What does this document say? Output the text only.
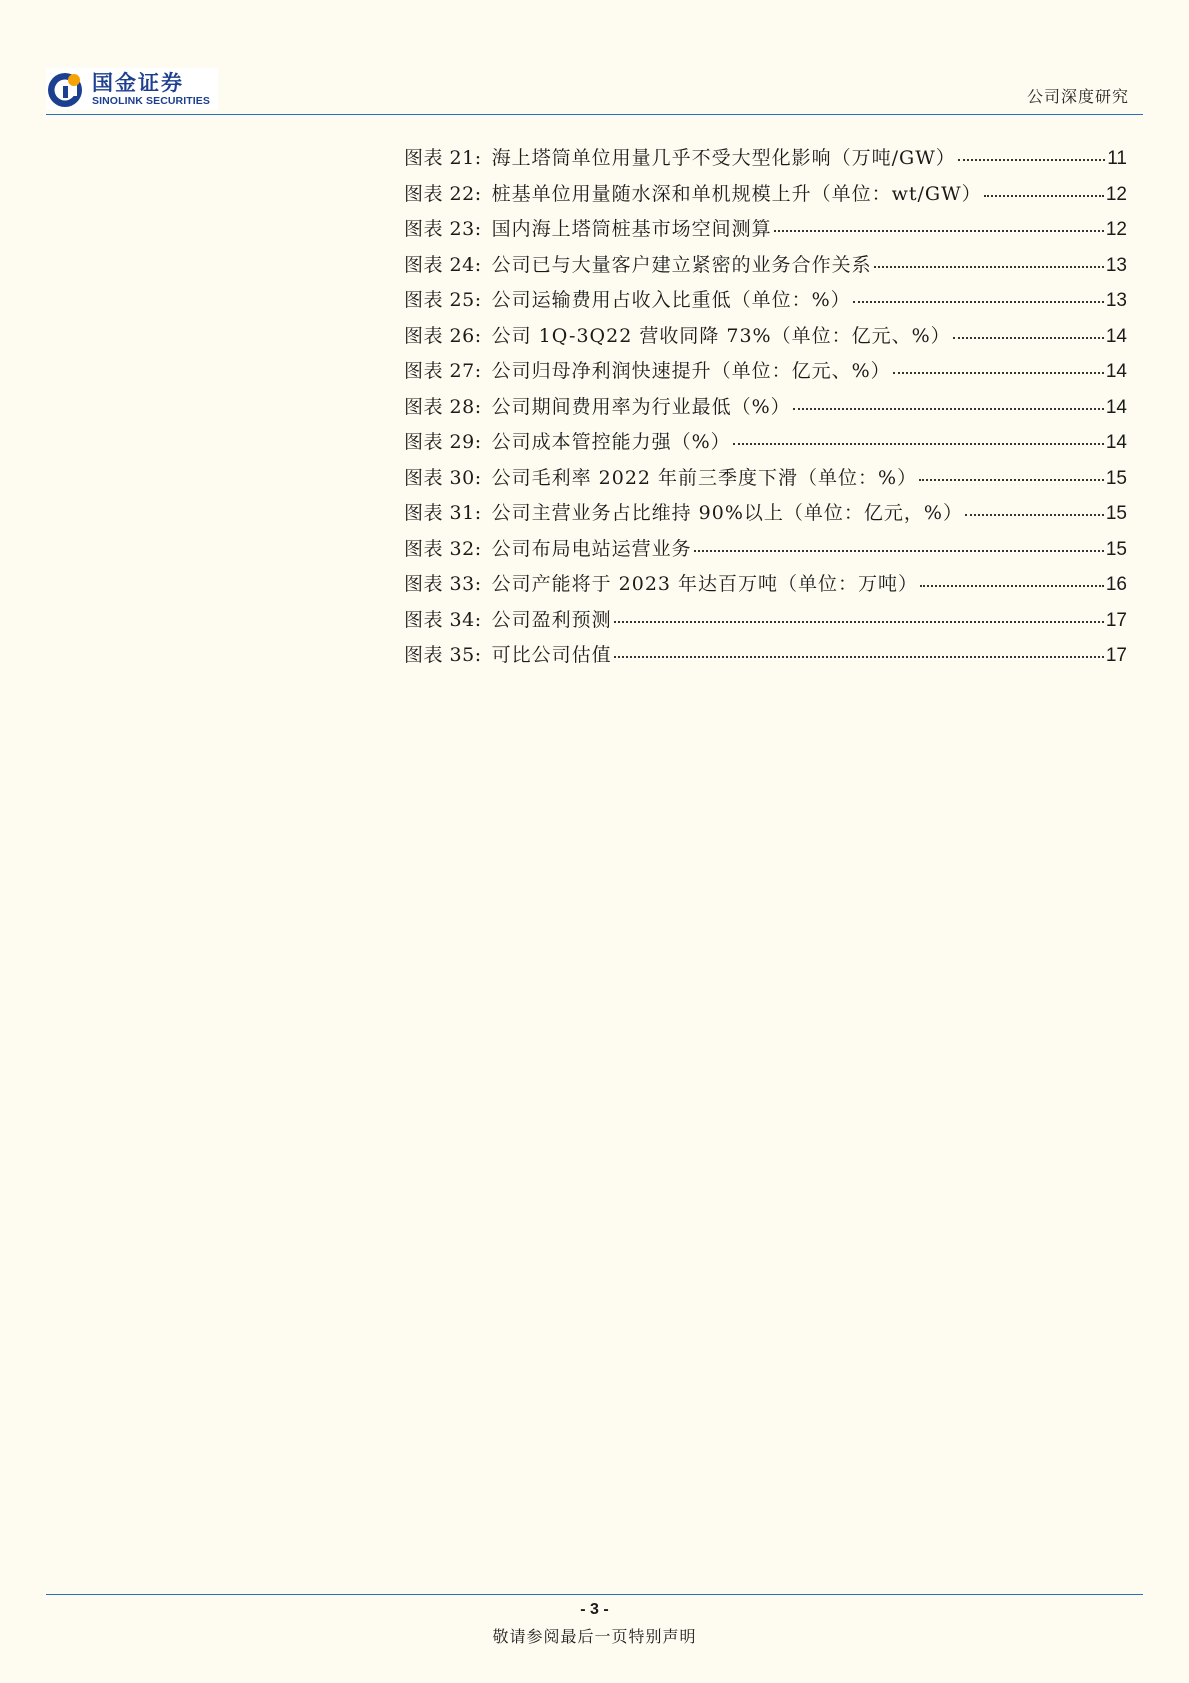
国金证券
SINOLINK SECURITIES	公司深度研究
图表 21: 海上塔筒单位用量几乎不受大型化影响（万吨/GW）	11
图表 22: 桩基单位用量随水深和单机规模上升（单位：wt/GW）	12
图表 23: 国内海上塔筒桩基市场空间测算	12
图表 24: 公司已与大量客户建立紧密的业务合作关系	13
图表 25: 公司运输费用占收入比重低（单位：%）	13
图表 26: 公司 1Q-3Q22 营收同降 73%（单位：亿元、%）	14
图表 27: 公司归母净利润快速提升（单位：亿元、%）	14
图表 28: 公司期间费用率为行业最低（%）	14
图表 29: 公司成本管控能力强（%）	14
图表 30: 公司毛利率 2022 年前三季度下滑（单位：%）	15
图表 31: 公司主营业务占比维持 90%以上（单位：亿元，%）	15
图表 32: 公司布局电站运营业务	15
图表 33: 公司产能将于 2023 年达百万吨（单位：万吨）	16
图表 34: 公司盈利预测	17
图表 35: 可比公司估值	17
- 3 -
敬请参阅最后一页特别声明
